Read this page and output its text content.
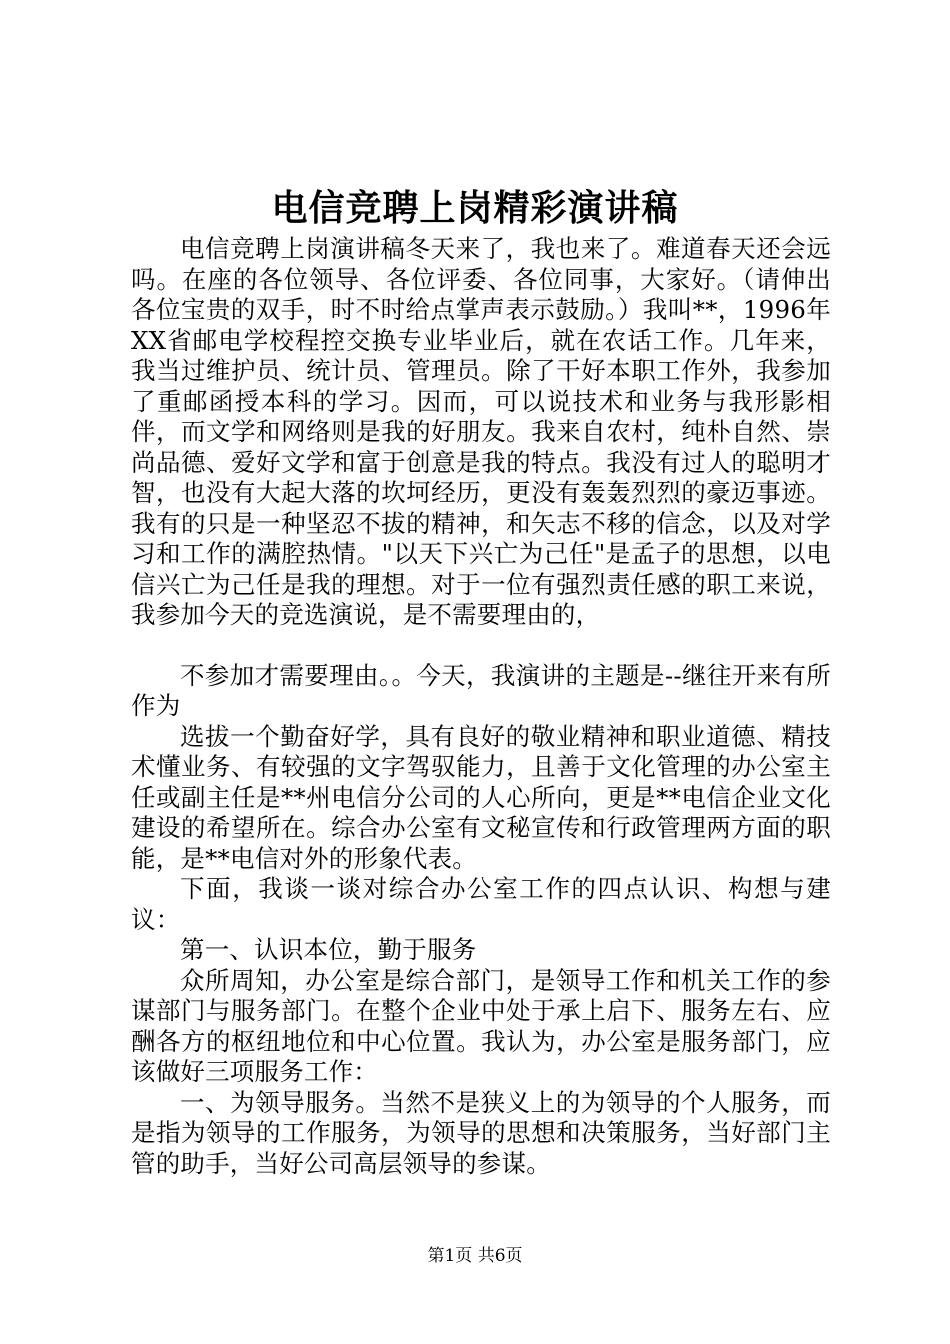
电信竞聘上岗精彩演讲稿

电信竞聘上岗演讲稿冬天来了，我也来了。难道春天还会远吗。在座的各位领导、各位评委、各位同事，大家好。（请伸出各位宝贵的双手，时不时给点掌声表示鼓励。）我叫**，1996年XX省邮电学校程控交换专业毕业后，就在农话工作。几年来，我当过维护员、统计员、管理员。除了干好本职工作外，我参加了重邮函授本科的学习。因而，可以说技术和业务与我形影相伴，而文学和网络则是我的好朋友。我来自农村，纯朴自然、崇尚品德、爱好文学和富于创意是我的特点。我没有过人的聪明才智，也没有大起大落的坎坷经历，更没有轰轰烈烈的豪迈事迹。我有的只是一种坚忍不拔的精神，和矢志不移的信念，以及对学习和工作的满腔热情。"以天下兴亡为己任"是孟子的思想，以电信兴亡为己任是我的理想。对于一位有强烈责任感的职工来说，我参加今天的竞选演说，是不需要理由的，

不参加才需要理由。。今天，我演讲的主题是--继往开来有所作为

选拔一个勤奋好学，具有良好的敬业精神和职业道德、精技术懂业务、有较强的文字驾驭能力，且善于文化管理的办公室主任或副主任是**州电信分公司的人心所向，更是**电信企业文化建设的希望所在。综合办公室有文秘宣传和行政管理两方面的职能，是**电信对外的形象代表。

下面，我谈一谈对综合办公室工作的四点认识、构想与建议：

第一、认识本位，勤于服务

众所周知，办公室是综合部门，是领导工作和机关工作的参谋部门与服务部门。在整个企业中处于承上启下、服务左右、应酬各方的枢纽地位和中心位置。我认为，办公室是服务部门，应该做好三项服务工作：

一、为领导服务。当然不是狭义上的为领导的个人服务，而是指为领导的工作服务，为领导的思想和决策服务，当好部门主管的助手，当好公司高层领导的参谋。

第1页 共6页
